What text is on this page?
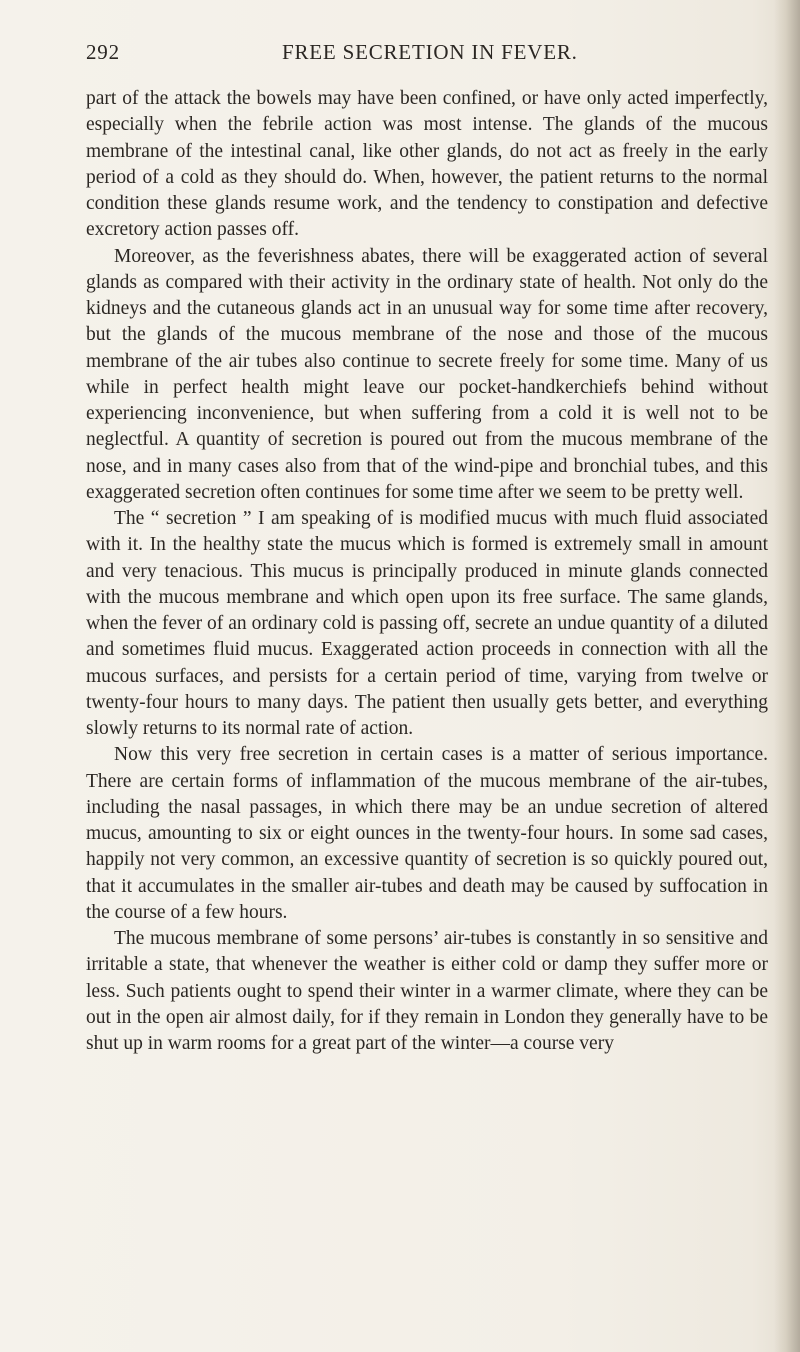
292	FREE SECRETION IN FEVER.

part of the attack the bowels may have been confined, or have only acted imperfectly, especially when the febrile action was most intense. The glands of the mucous membrane of the intestinal canal, like other glands, do not act as freely in the early period of a cold as they should do. When, however, the patient returns to the normal condition these glands resume work, and the tendency to constipation and defective excretory action passes off.

Moreover, as the feverishness abates, there will be exaggerated action of several glands as compared with their activity in the ordinary state of health. Not only do the kidneys and the cutaneous glands act in an unusual way for some time after recovery, but the glands of the mucous membrane of the nose and those of the mucous membrane of the air tubes also continue to secrete freely for some time. Many of us while in perfect health might leave our pocket-handkerchiefs behind without experiencing inconvenience, but when suffering from a cold it is well not to be neglectful. A quantity of secretion is poured out from the mucous membrane of the nose, and in many cases also from that of the wind-pipe and bronchial tubes, and this exaggerated secretion often continues for some time after we seem to be pretty well.

The “ secretion ” I am speaking of is modified mucus with much fluid associated with it. In the healthy state the mucus which is formed is extremely small in amount and very tenacious. This mucus is principally produced in minute glands connected with the mucous membrane and which open upon its free surface. The same glands, when the fever of an ordinary cold is passing off, secrete an undue quantity of a diluted and sometimes fluid mucus. Exaggerated action proceeds in connection with all the mucous surfaces, and persists for a certain period of time, varying from twelve or twenty-four hours to many days. The patient then usually gets better, and everything slowly returns to its normal rate of action.

Now this very free secretion in certain cases is a matter of serious importance. There are certain forms of inflammation of the mucous membrane of the air-tubes, including the nasal passages, in which there may be an undue secretion of altered mucus, amounting to six or eight ounces in the twenty-four hours. In some sad cases, happily not very common, an excessive quantity of secretion is so quickly poured out, that it accumulates in the smaller air-tubes and death may be caused by suffocation in the course of a few hours.

The mucous membrane of some persons’ air-tubes is constantly in so sensitive and irritable a state, that whenever the weather is either cold or damp they suffer more or less. Such patients ought to spend their winter in a warmer climate, where they can be out in the open air almost daily, for if they remain in London they generally have to be shut up in warm rooms for a great part of the winter—a course very
